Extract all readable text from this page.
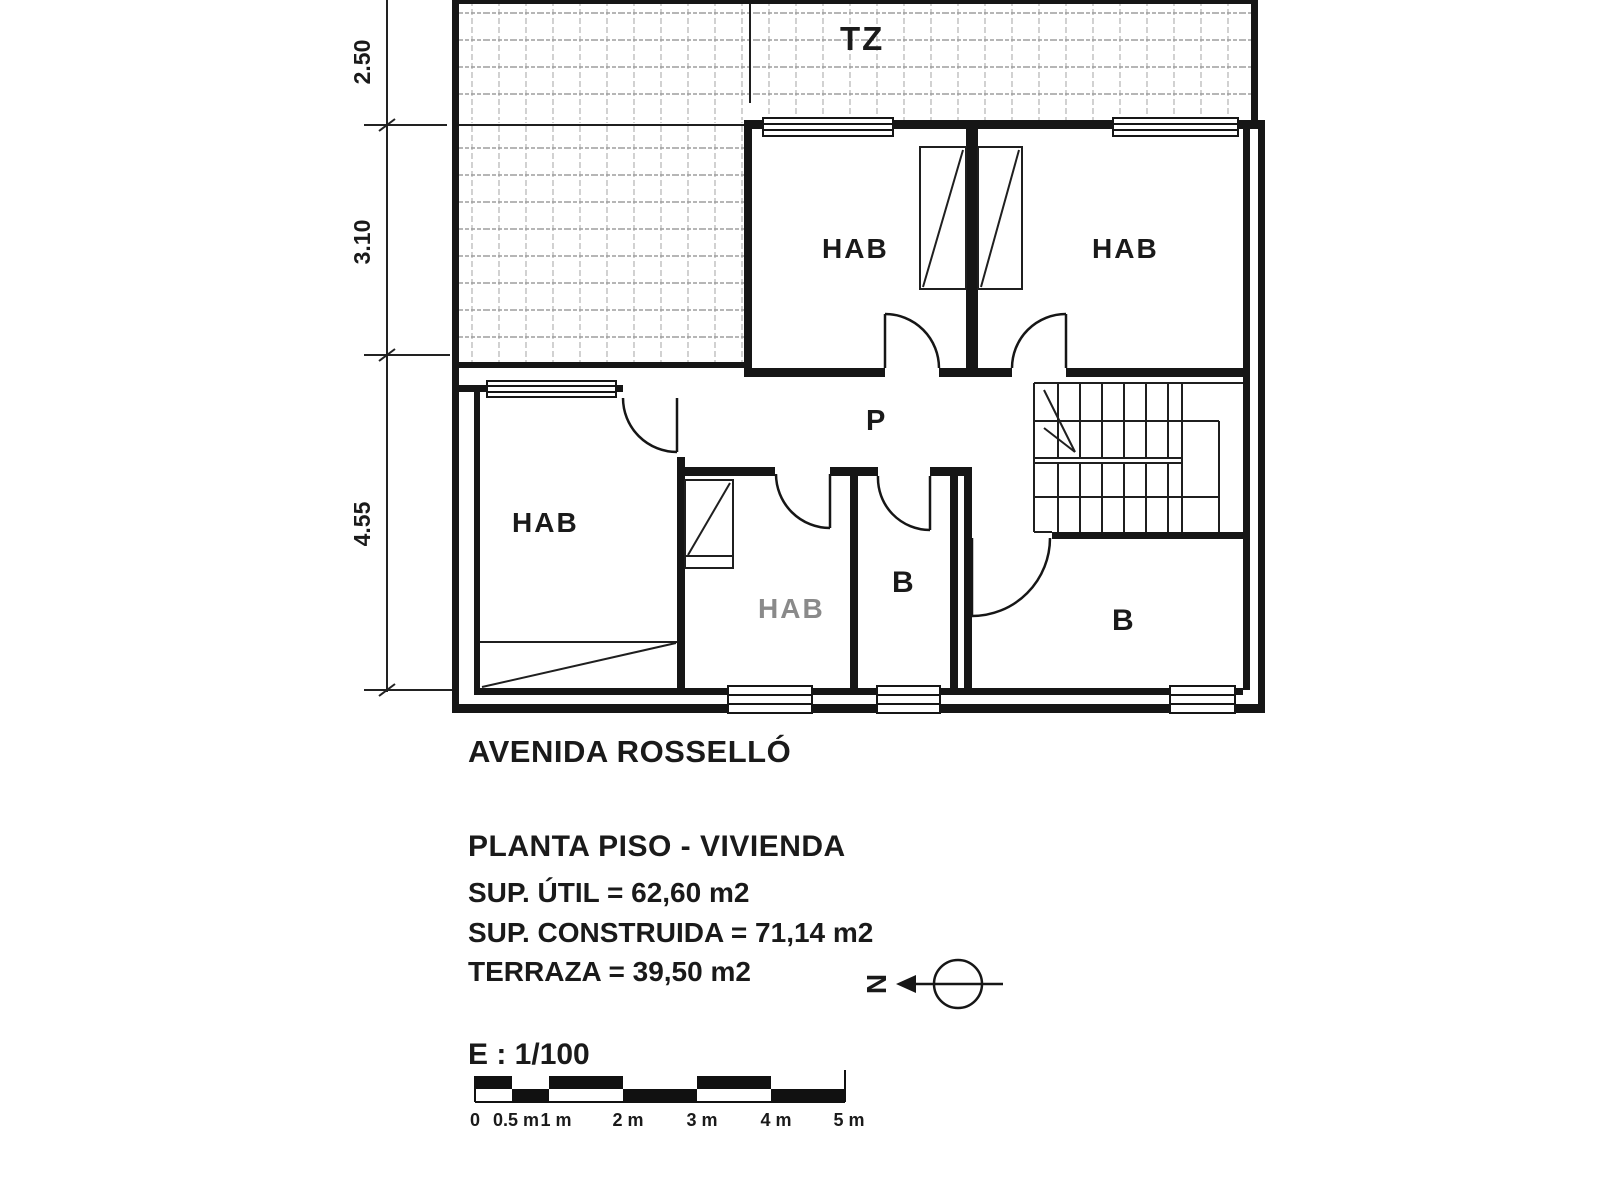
TZ
HAB	HAB
HAB
HAB
B
B
P
2.50
3.10
4.55
AVENIDA ROSSELLÓ
PLANTA PISO - VIVIENDA
SUP. ÚTIL = 62,60 m2
SUP. CONSTRUIDA = 71,14 m2
TERRAZA = 39,50 m2	N
E : 1/100
0 0.5 m 1 m 2 m 3 m 4 m 5 m
